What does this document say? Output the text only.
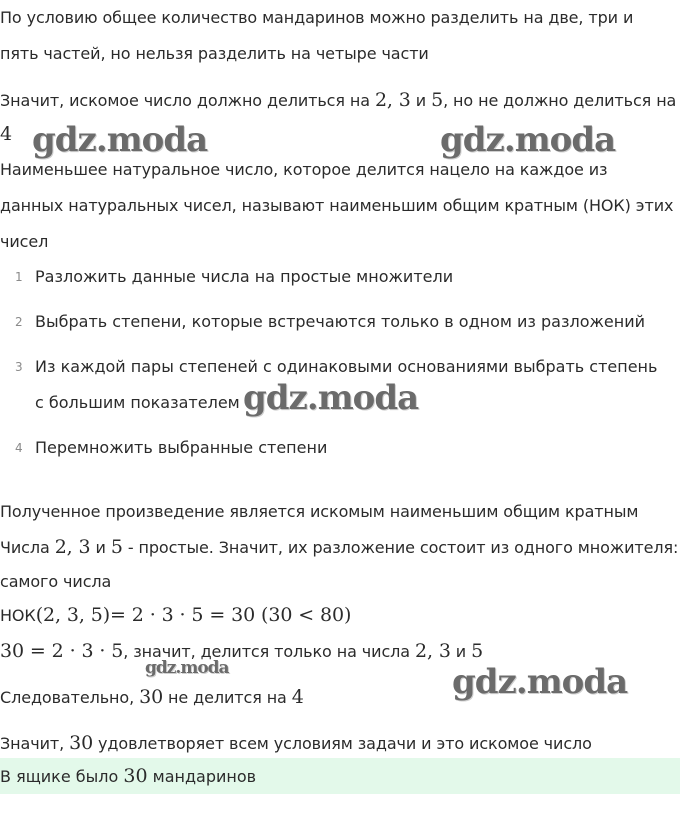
По условию общее количество мандаринов можно разделить на две, три и
пять частей, но нельзя разделить на четыре части
Значит, искомое число должно делиться на 2, 3 и 5, но не должно делиться на
4
Наименьшее натуральное число, которое делится нацело на каждое из
данных натуральных чисел, называют наименьшим общим кратным (НОК) этих
чисел
1 Разложить данные числа на простые множители
2 Выбрать степени, которые встречаются только в одном из разложений
3 Из каждой пары степеней с одинаковыми основаниями выбрать степень
с большим показателем
4 Перемножить выбранные степени
Полученное произведение является искомым наименьшим общим кратным
Числа 2, 3 и 5 - простые. Значит, их разложение состоит из одного множителя:
самого числа
НОК(2, 3, 5)= 2 · 3 · 5 = 30 (30 < 80)
30 = 2 · 3 · 5, значит, делится только на числа 2, 3 и 5
Следовательно, 30 не делится на 4
Значит, 30 удовлетворяет всем условиям задачи и это искомое число
В ящике было 30 мандаринов
gdz.moda	gdz.moda
gdz.moda
gdz.moda	gdz.moda
